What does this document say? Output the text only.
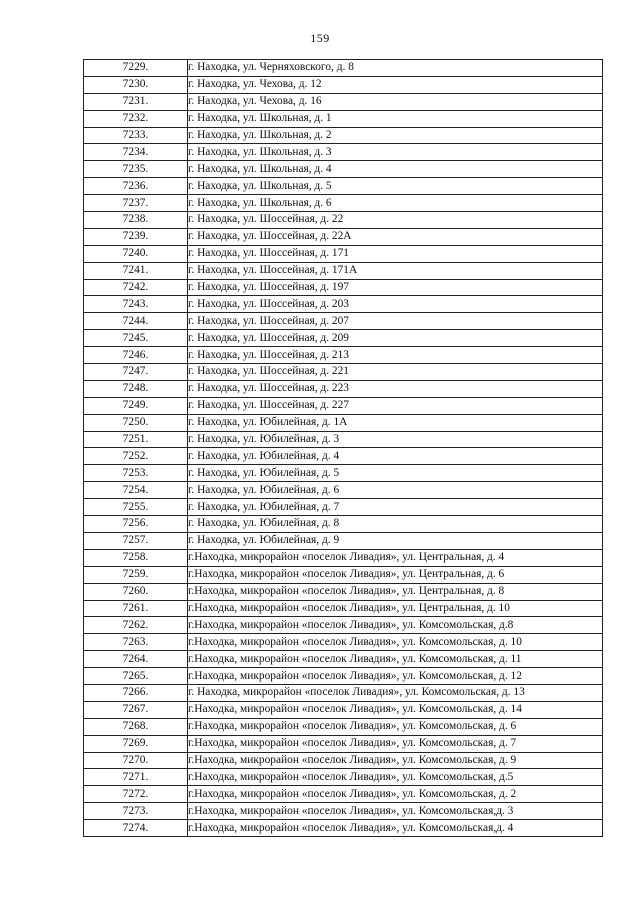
159
7229.	г. Находка, ул. Черняховского, д. 8
7230.	г. Находка, ул. Чехова, д. 12
7231.	г. Находка, ул. Чехова, д. 16
7232.	г. Находка, ул. Школьная, д. 1
7233.	г. Находка, ул. Школьная, д. 2
7234.	г. Находка, ул. Школьная, д. 3
7235.	г. Находка, ул. Школьная, д. 4
7236.	г. Находка, ул. Школьная, д. 5
7237.	г. Находка, ул. Школьная, д. 6
7238.	г. Находка, ул. Шоссейная, д. 22
7239.	г. Находка, ул. Шоссейная, д. 22А
7240.	г. Находка, ул. Шоссейная, д. 171
7241.	г. Находка, ул. Шоссейная, д. 171А
7242.	г. Находка, ул. Шоссейная, д. 197
7243.	г. Находка, ул. Шоссейная, д. 203
7244.	г. Находка, ул. Шоссейная, д. 207
7245.	г. Находка, ул. Шоссейная, д. 209
7246.	г. Находка, ул. Шоссейная, д. 213
7247.	г. Находка, ул. Шоссейная, д. 221
7248.	г. Находка, ул. Шоссейная, д. 223
7249.	г. Находка, ул. Шоссейная, д. 227
7250.	г. Находка, ул. Юбилейная, д. 1А
7251.	г. Находка, ул. Юбилейная, д. 3
7252.	г. Находка, ул. Юбилейная, д. 4
7253.	г. Находка, ул. Юбилейная, д. 5
7254.	г. Находка, ул. Юбилейная, д. 6
7255.	г. Находка, ул. Юбилейная, д. 7
7256.	г. Находка, ул. Юбилейная, д. 8
7257.	г. Находка, ул. Юбилейная, д. 9
7258.	г.Находка, микрорайон «поселок Ливадия», ул. Центральная, д. 4
7259.	г.Находка, микрорайон «поселок Ливадия», ул. Центральная, д. 6
7260.	г.Находка, микрорайон «поселок Ливадия», ул. Центральная, д. 8
7261.	г.Находка, микрорайон «поселок Ливадия», ул. Центральная, д. 10
7262.	г.Находка, микрорайон «поселок Ливадия», ул. Комсомольская, д.8
7263.	г.Находка, микрорайон «поселок Ливадия», ул. Комсомольская, д. 10
7264.	г.Находка, микрорайон «поселок Ливадия», ул. Комсомольская, д. 11
7265.	г.Находка, микрорайон «поселок Ливадия», ул. Комсомольская, д. 12
7266.	г. Находка, микрорайон «поселок Ливадия», ул. Комсомольская, д. 13
7267.	г.Находка, микрорайон «поселок Ливадия», ул. Комсомольская, д. 14
7268.	г.Находка, микрорайон «поселок Ливадия», ул. Комсомольская, д. 6
7269.	г.Находка, микрорайон «поселок Ливадия», ул. Комсомольская, д. 7
7270.	г.Находка, микрорайон «поселок Ливадия», ул. Комсомольская, д. 9
7271.	г.Находка, микрорайон «поселок Ливадия», ул. Комсомольская, д.5
7272.	г.Находка, микрорайон «поселок Ливадия», ул. Комсомольская, д. 2
7273.	г.Находка, микрорайон «поселок Ливадия», ул. Комсомольская,д. 3
7274.	г.Находка, микрорайон «поселок Ливадия», ул. Комсомольская,д. 4
